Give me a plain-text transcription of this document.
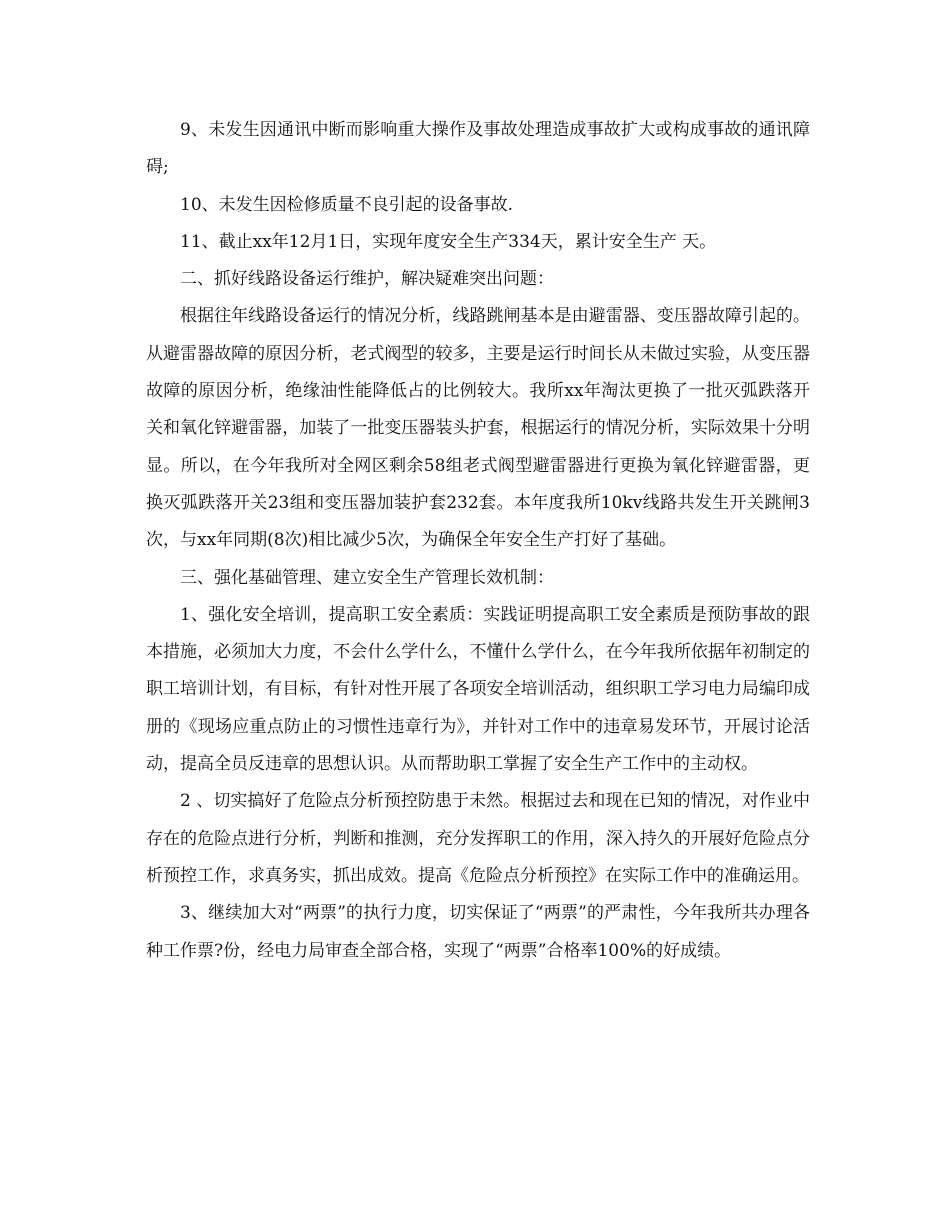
9、未发生因通讯中断而影响重大操作及事故处理造成事故扩大或构成事故的通讯障碍;

10、未发生因检修质量不良引起的设备事故.

11、截止xx年12月1日，实现年度安全生产334天，累计安全生产 天。

二、抓好线路设备运行维护，解决疑难突出问题：

根据往年线路设备运行的情况分析，线路跳闸基本是由避雷器、变压器故障引起的。从避雷器故障的原因分析，老式阀型的较多，主要是运行时间长从未做过实验，从变压器故障的原因分析，绝缘油性能降低占的比例较大。我所xx年淘汰更换了一批灭弧跌落开关和氧化锌避雷器，加装了一批变压器装头护套，根据运行的情况分析，实际效果十分明显。所以，在今年我所对全网区剩余58组老式阀型避雷器进行更换为氧化锌避雷器，更换灭弧跌落开关23组和变压器加装护套232套。本年度我所10kv线路共发生开关跳闸3次，与xx年同期(8次)相比减少5次，为确保全年安全生产打好了基础。

三、强化基础管理、建立安全生产管理长效机制：

1、强化安全培训，提高职工安全素质：实践证明提高职工安全素质是预防事故的跟本措施，必须加大力度，不会什么学什么，不懂什么学什么，在今年我所依据年初制定的职工培训计划，有目标，有针对性开展了各项安全培训活动，组织职工学习电力局编印成册的《现场应重点防止的习惯性违章行为》，并针对工作中的违章易发环节，开展讨论活动，提高全员反违章的思想认识。从而帮助职工掌握了安全生产工作中的主动权。

2 、切实搞好了危险点分析预控防患于未然。根据过去和现在已知的情况，对作业中存在的危险点进行分析，判断和推测，充分发挥职工的作用，深入持久的开展好危险点分析预控工作，求真务实，抓出成效。提高《危险点分析预控》在实际工作中的准确运用。

3、继续加大对“两票”的执行力度，切实保证了“两票”的严肃性，今年我所共办理各种工作票?份，经电力局审查全部合格，实现了“两票”合格率100%的好成绩。
